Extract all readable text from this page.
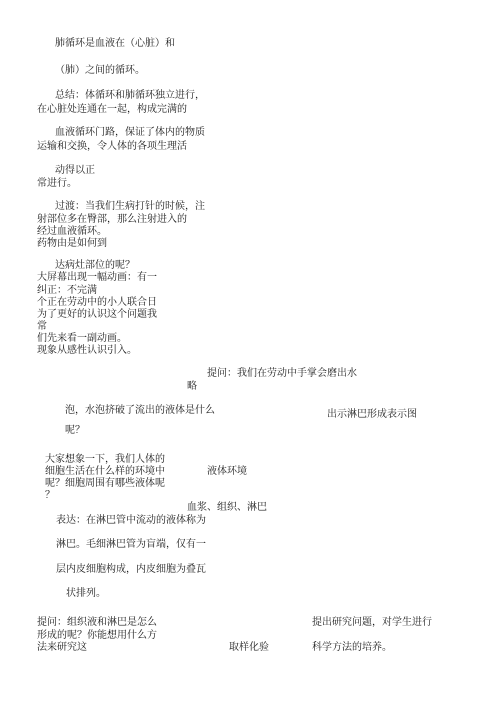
肺循环是血液在（心脏）和
（肺）之间的循环。
总结：体循环和肺循环独立进行，
在心脏处连通在一起，构成完满的
血液循环门路，保证了体内的物质
运输和交换，令人体的各项生理活
动得以正
常进行。
过渡：当我们生病打针的时候，注
射部位多在臀部，那么注射进入的
经过血液循环。
药物由是如何到
达病灶部位的呢？
大屏幕出现一幅动画：有一
纠正：不完满
个正在劳动中的小人联合日
为了更好的认识这个问题我
常
们先来看一副动画。
现象从感性认识引入。
提问：我们在劳动中手掌会磨出水
略
泡，水泡挤破了流出的液体是什么	出示淋巴形成表示图
呢？
大家想象一下，我们人体的
细胞生活在什么样的环境中	液体环境
呢？细胞周围有哪些液体呢
？
血浆、组织、淋巴
表达：在淋巴管中流动的液体称为
淋巴。毛细淋巴管为盲端，仅有一
层内皮细胞构成，内皮细胞为叠瓦
状排列。
提问：组织液和淋巴是怎么	提出研究问题，对学生进行
形成的呢？你能想用什么方
法来研究这	取样化验	科学方法的培养。
